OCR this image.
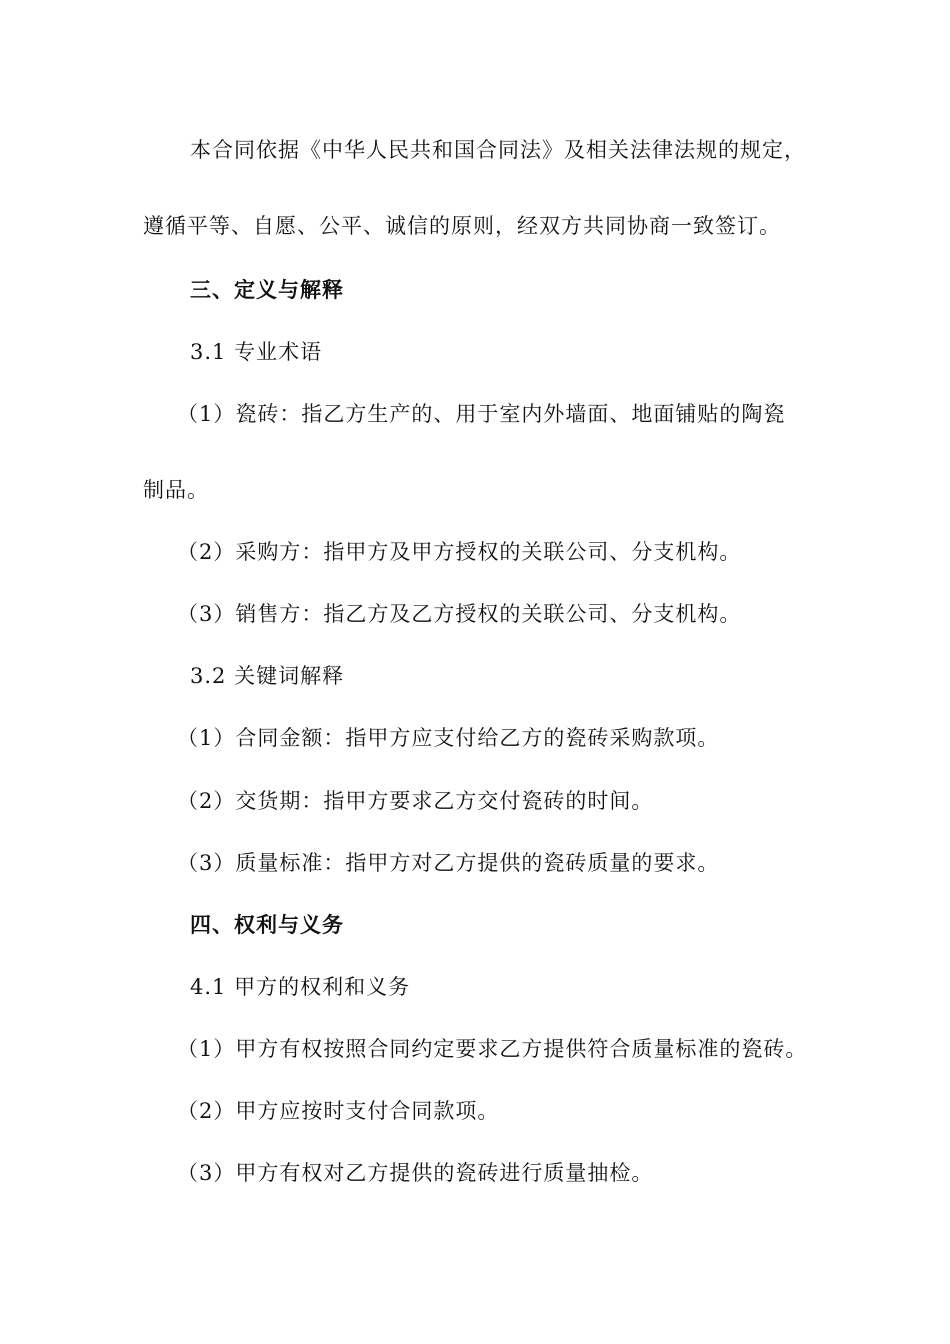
本合同依据《中华人民共和国合同法》及相关法律法规的规定，
遵循平等、自愿、公平、诚信的原则，经双方共同协商一致签订。
三、定义与解释
3.1 专业术语
（1）瓷砖：指乙方生产的、用于室内外墙面、地面铺贴的陶瓷
制品。
（2）采购方：指甲方及甲方授权的关联公司、分支机构。
（3）销售方：指乙方及乙方授权的关联公司、分支机构。
3.2 关键词解释
（1）合同金额：指甲方应支付给乙方的瓷砖采购款项。
（2）交货期：指甲方要求乙方交付瓷砖的时间。
（3）质量标准：指甲方对乙方提供的瓷砖质量的要求。
四、权利与义务
4.1 甲方的权利和义务
（1）甲方有权按照合同约定要求乙方提供符合质量标准的瓷砖。
（2）甲方应按时支付合同款项。
（3）甲方有权对乙方提供的瓷砖进行质量抽检。
